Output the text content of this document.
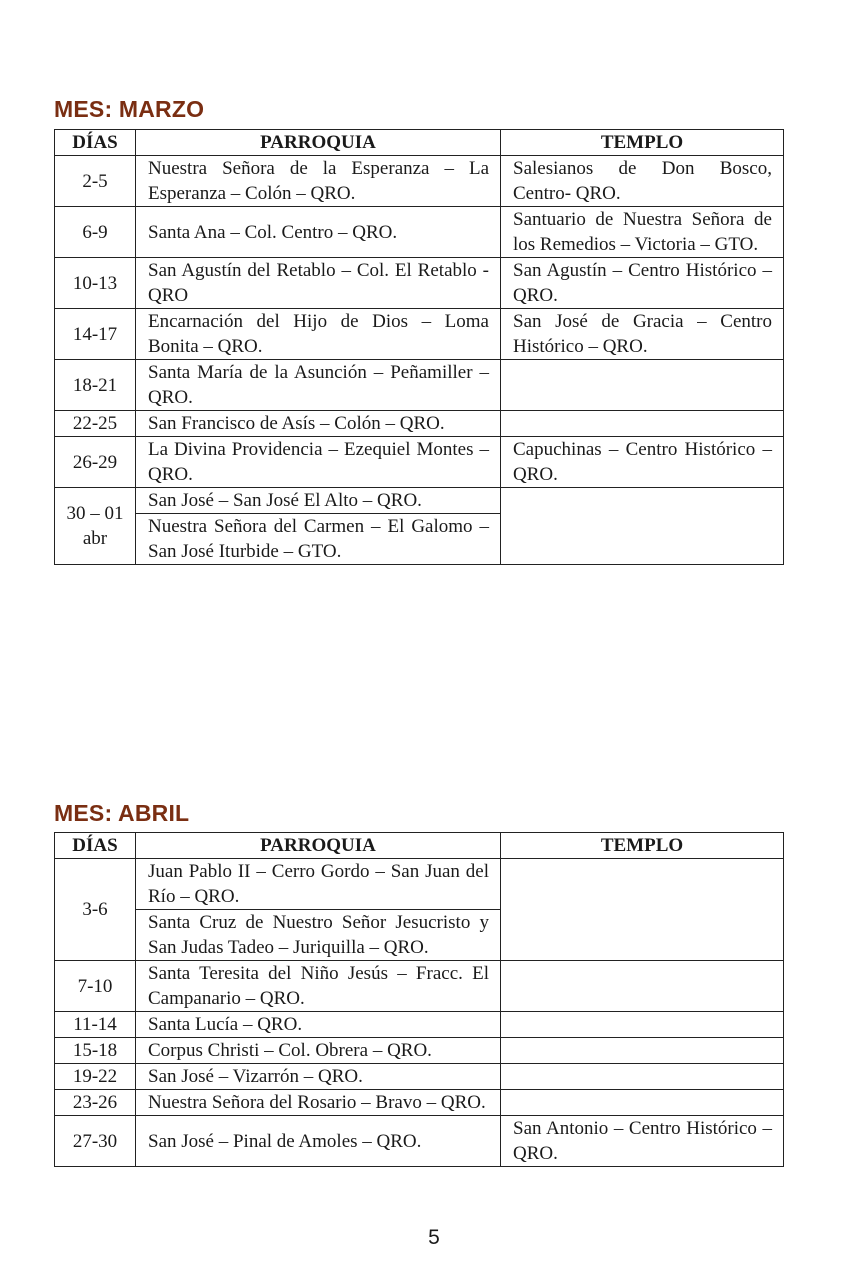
MES: MARZO
DÍAS	PARROQUIA	TEMPLO
2-5	Nuestra Señora de la Esperanza – La Esperanza – Colón – QRO.	Salesianos de Don Bosco, Centro- QRO.
6-9	Santa Ana – Col. Centro – QRO.	Santuario de Nuestra Señora de los Remedios – Victoria – GTO.
10-13	San Agustín del Retablo – Col. El Retablo - QRO	San Agustín – Centro Histórico – QRO.
14-17	Encarnación del Hijo de Dios – Loma Bonita – QRO.	San José de Gracia – Centro Histórico – QRO.
18-21	Santa María de la Asunción – Peñamiller – QRO.	
22-25	San Francisco de Asís – Colón – QRO.	
26-29	La Divina Providencia – Ezequiel Montes – QRO.	Capuchinas – Centro Histórico – QRO.
30 – 01 abr	San José – San José El Alto – QRO.	
	Nuestra Señora del Carmen – El Galomo – San José Iturbide – GTO.	
MES: ABRIL
DÍAS	PARROQUIA	TEMPLO
3-6	Juan Pablo II – Cerro Gordo – San Juan del Río – QRO.	
	Santa Cruz de Nuestro Señor Jesucristo y San Judas Tadeo – Juriquilla – QRO.	
7-10	Santa Teresita del Niño Jesús – Fracc. El Campanario – QRO.	
11-14	Santa Lucía – QRO.	
15-18	Corpus Christi – Col. Obrera – QRO.	
19-22	San José – Vizarrón – QRO.	
23-26	Nuestra Señora del Rosario – Bravo – QRO.	
27-30	San José – Pinal de Amoles – QRO.	San Antonio – Centro Histórico – QRO.

5
